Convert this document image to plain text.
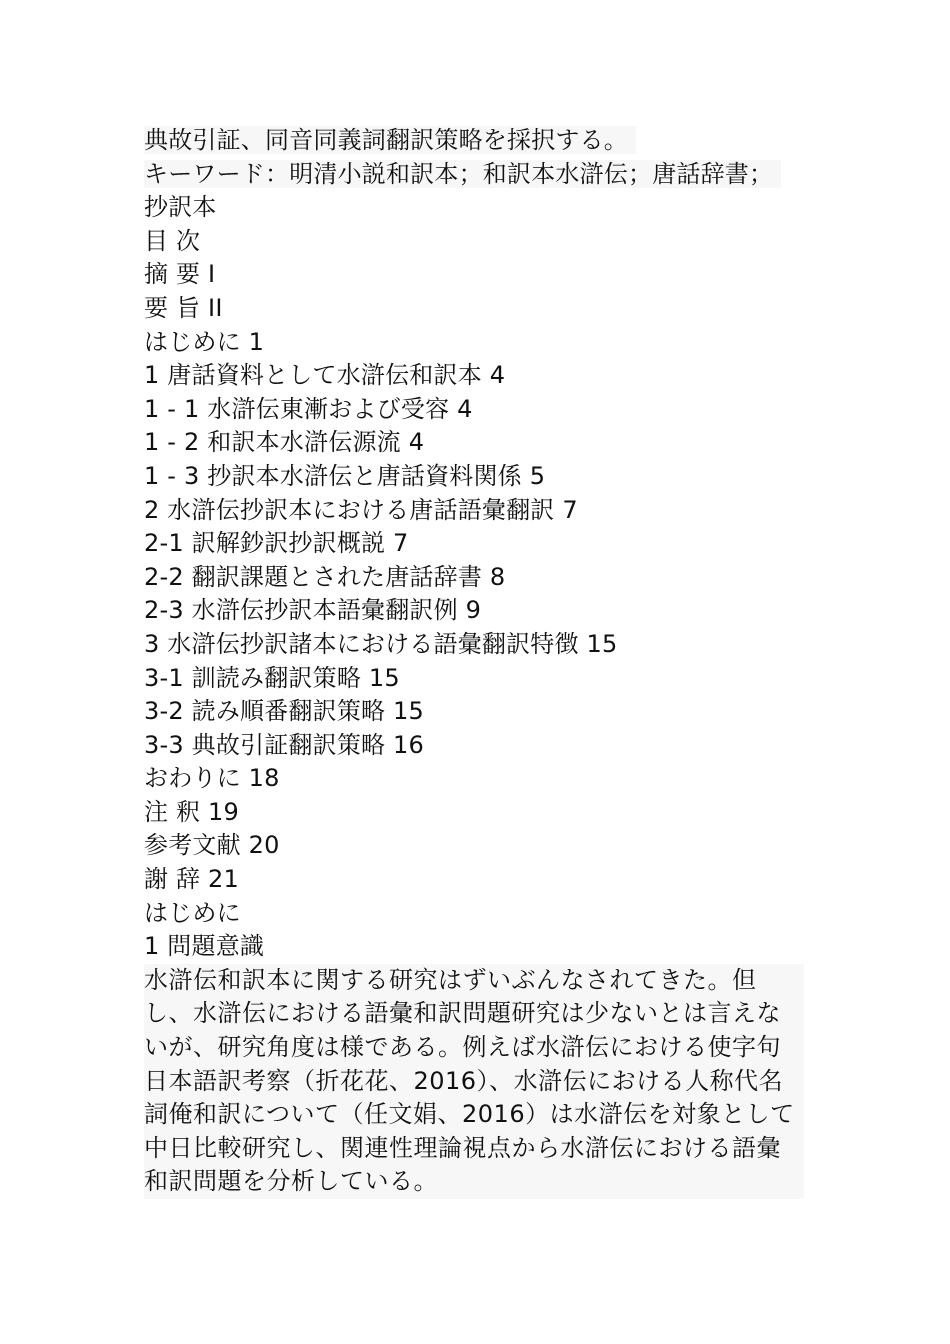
典故引証、同音同義詞翻訳策略を採択する。
キーワード：明清小説和訳本；和訳本水滸伝；唐話辞書；
抄訳本
目 次
摘 要 I
要 旨 II
はじめに 1
1 唐話資料として水滸伝和訳本 4
1 - 1 水滸伝東漸および受容 4
1 - 2 和訳本水滸伝源流 4
1 - 3 抄訳本水滸伝と唐話資料関係 5
2 水滸伝抄訳本における唐話語彙翻訳 7
2-1 訳解鈔訳抄訳概説 7
2-2 翻訳課題とされた唐話辞書 8
2-3 水滸伝抄訳本語彙翻訳例 9
3 水滸伝抄訳諸本における語彙翻訳特徴 15
3-1 訓読み翻訳策略 15
3-2 読み順番翻訳策略 15
3-3 典故引証翻訳策略 16
おわりに 18
注 釈 19
参考文献 20
謝 辞 21
はじめに
1 問題意識
水滸伝和訳本に関する研究はずいぶんなされてきた。但し、水滸伝における語彙和訳問題研究は少ないとは言えないが、研究角度は様である。例えば水滸伝における使字句日本語訳考察（折花花、2016）、水滸伝における人称代名詞俺和訳について（任文娟、2016）は水滸伝を対象として中日比較研究し、関連性理論視点から水滸伝における語彙和訳問題を分析している。
